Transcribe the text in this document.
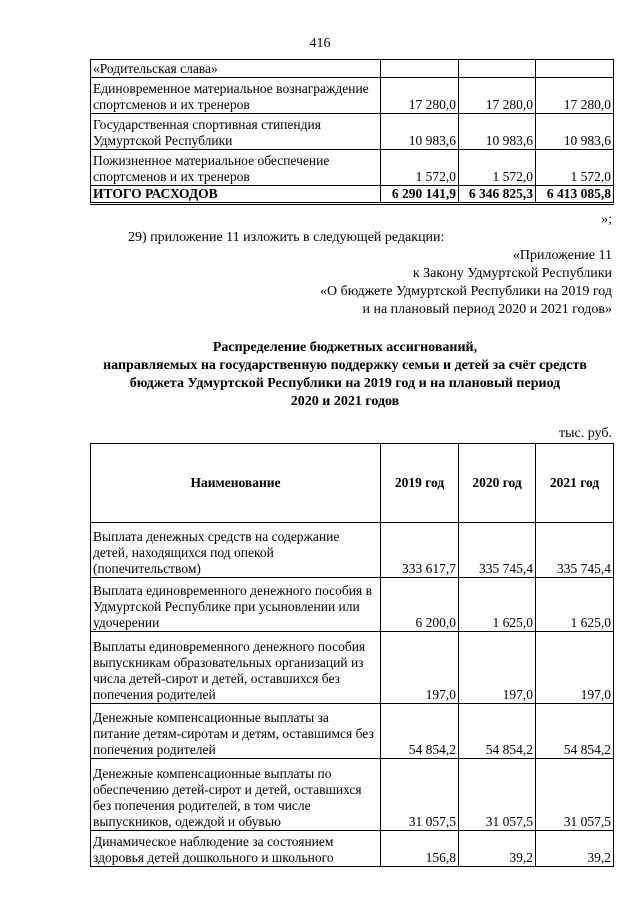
416
«Родительская слава»			
Единовременное материальное вознаграждение спортсменов и их тренеров	17 280,0	17 280,0	17 280,0
Государственная спортивная стипендия Удмуртской Республики	10 983,6	10 983,6	10 983,6
Пожизненное материальное обеспечение спортсменов и их тренеров	1 572,0	1 572,0	1 572,0
ИТОГО РАСХОДОВ	6 290 141,9	6 346 825,3	6 413 085,8
»;
29) приложение 11 изложить в следующей редакции:
«Приложение 11
к Закону Удмуртской Республики
«О бюджете Удмуртской Республики на 2019 год
и на плановый период 2020 и 2021 годов»
Распределение бюджетных ассигнований,
направляемых на государственную поддержку семьи и детей за счёт средств
бюджета Удмуртской Республики на 2019 год и на плановый период
2020 и 2021 годов
тыс. руб.
Наименование	2019 год	2020 год	2021 год
Выплата денежных средств на содержание детей, находящихся под опекой (попечительством)	333 617,7	335 745,4	335 745,4
Выплата единовременного денежного пособия в Удмуртской Республике при усыновлении или удочерении	6 200,0	1 625,0	1 625,0
Выплаты единовременного денежного пособия выпускникам образовательных организаций из числа детей-сирот и детей, оставшихся без попечения родителей	197,0	197,0	197,0
Денежные компенсационные выплаты за питание детям-сиротам и детям, оставшимся без попечения родителей	54 854,2	54 854,2	54 854,2
Денежные компенсационные выплаты по обеспечению детей-сирот и детей, оставшихся без попечения родителей, в том числе выпускников, одеждой и обувью	31 057,5	31 057,5	31 057,5
Динамическое наблюдение за состоянием здоровья детей дошкольного и школьного	156,8	39,2	39,2
